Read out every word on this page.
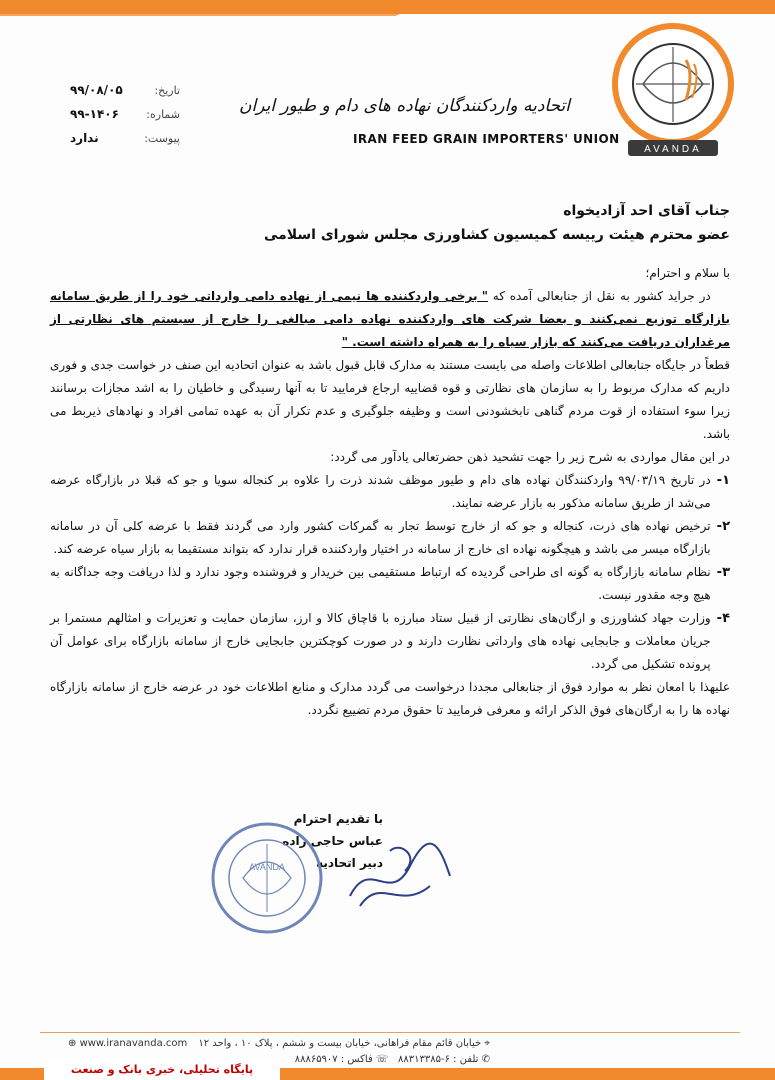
AVANDA
اتحادیه واردکنندگان نهاده های دام و طیور ایران
IRAN FEED GRAIN IMPORTERS' UNION
تاریخ:
۹۹/۰۸/۰۵
شماره:
۹۹-۱۴۰۶
پیوست:
ندارد
جناب آقای احد آزادیخواه
عضو محترم هیئت رییسه کمیسیون کشاورزی مجلس شورای اسلامی

با سلام و احترام؛

در جراید کشور به نقل از جنابعالی آمده که " برخی واردکننده ها نیمی از نهاده دامی وارداتی خود را از طریق سامانه بازارگاه توزیع نمی‌کنند و بعضا شرکت های واردکننده نهاده دامی مبالغی را خارج از سیستم های نظارتی از مرغداران دریافت می‌کنند که بازار سیاه را به همراه داشته است. "

قطعاً در جایگاه جنابعالی اطلاعات واصله می بایست مستند به مدارک قابل قبول باشد به عنوان اتحادیه این صنف در خواست جدی و فوری داریم که مدارک مربوط را به سازمان های نظارتی و قوه قضاییه ارجاع فرمایید تا به آنها رسیدگی و خاطیان را به اشد مجازات برسانند زیرا سوء استفاده از قوت مردم گناهی نابخشودنی است و وظیفه جلوگیری و عدم تکرار آن به عهده تمامی افراد و نهادهای ذیربط می باشد.

در این مقال مواردی به شرح زیر را جهت تشحید ذهن حضرتعالی یادآور می گردد:

۱-
در تاریخ ۹۹/۰۳/۱۹ واردکنندگان نهاده های دام و طیور موظف شدند ذرت را علاوه بر کنجاله سویا و جو که قبلا در بازارگاه عرضه می‌شد از طریق سامانه مذکور به بازار عرضه نمایند.
۲-
ترخیص نهاده های ذرت، کنجاله و جو که از خارج توسط تجار به گمرکات کشور وارد می گردند فقط با عرضه کلی آن در سامانه بازارگاه میسر می باشد و هیچگونه نهاده ای خارج از سامانه در اختیار واردکننده قرار ندارد که بتواند مستقیما به بازار سیاه عرضه کند.
۳-
نظام سامانه بازارگاه به گونه ای طراحی گردیده که ارتباط مستقیمی بین خریدار و فروشنده وجود ندارد و لذا دریافت وجه جداگانه به هیچ وجه مقدور نیست.
۴-
وزارت جهاد کشاورزی و ارگان‌های نظارتی از قبیل ستاد مبارزه با قاچاق کالا و ارز، سازمان حمایت و تعزیرات و امثالهم مستمرا بر جریان معاملات و جابجایی نهاده های وارداتی نظارت دارند و در صورت کوچکترین جابجایی خارج از سامانه بازارگاه برای عوامل آن پرونده تشکیل می گردد.

علیهذا با امعان نظر به موارد فوق از جنابعالی مجددا درخواست می گردد مدارک و منابع اطلاعات خود در عرضه خارج از سامانه بازارگاه نهاده ها را به ارگان‌های فوق الذکر ارائه و معرفی فرمایید تا حقوق مردم تضییع نگردد.

با تقدیم احترام
عباس حاجی زاده
دبیر اتحادیه
AVANDA
⌖ خیابان قائم مقام فراهانی، خیابان بیست و ششم ، پلاک ۱۰ ، واحد ۱۲
✆ تلفن : ۶-۸۸۳۱۳۳۸۵   ☏ فاکس : ۸۸۸۶۵۹۰۷
⊕ www.iranavanda.com
پایگاه تحلیلی، خبری بانک و صنعت
